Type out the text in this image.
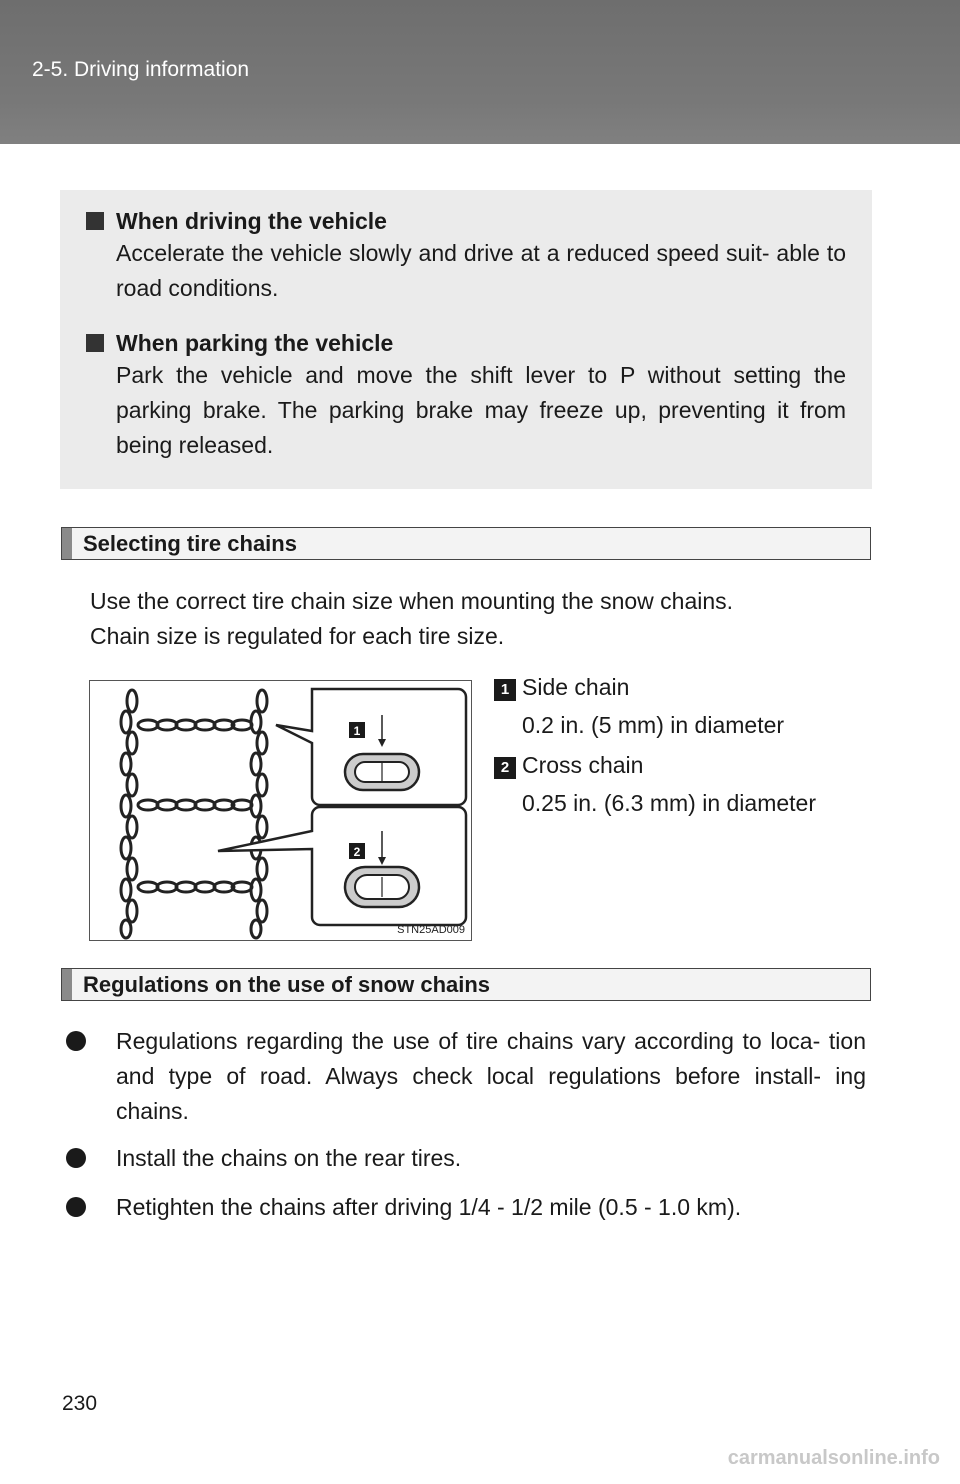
2-5. Driving information
When driving the vehicle
Accelerate the vehicle slowly and drive at a reduced speed suit- able to road conditions.
When parking the vehicle
Park the vehicle and move the shift lever to P without setting the parking brake. The parking brake may freeze up, preventing it from being released.
Selecting tire chains
Use the correct tire chain size when mounting the snow chains.
Chain size is regulated for each tire size.
1
2
STN25AD009
1 Side chain
0.2 in. (5 mm) in diameter
2 Cross chain
0.25 in. (6.3 mm) in diameter
Regulations on the use of snow chains
Regulations regarding the use of tire chains vary according to loca- tion and type of road. Always check local regulations before install- ing chains.
Install the chains on the rear tires.
Retighten the chains after driving 1/4 - 1/2 mile (0.5 - 1.0 km).
230
carmanualsonline.info
